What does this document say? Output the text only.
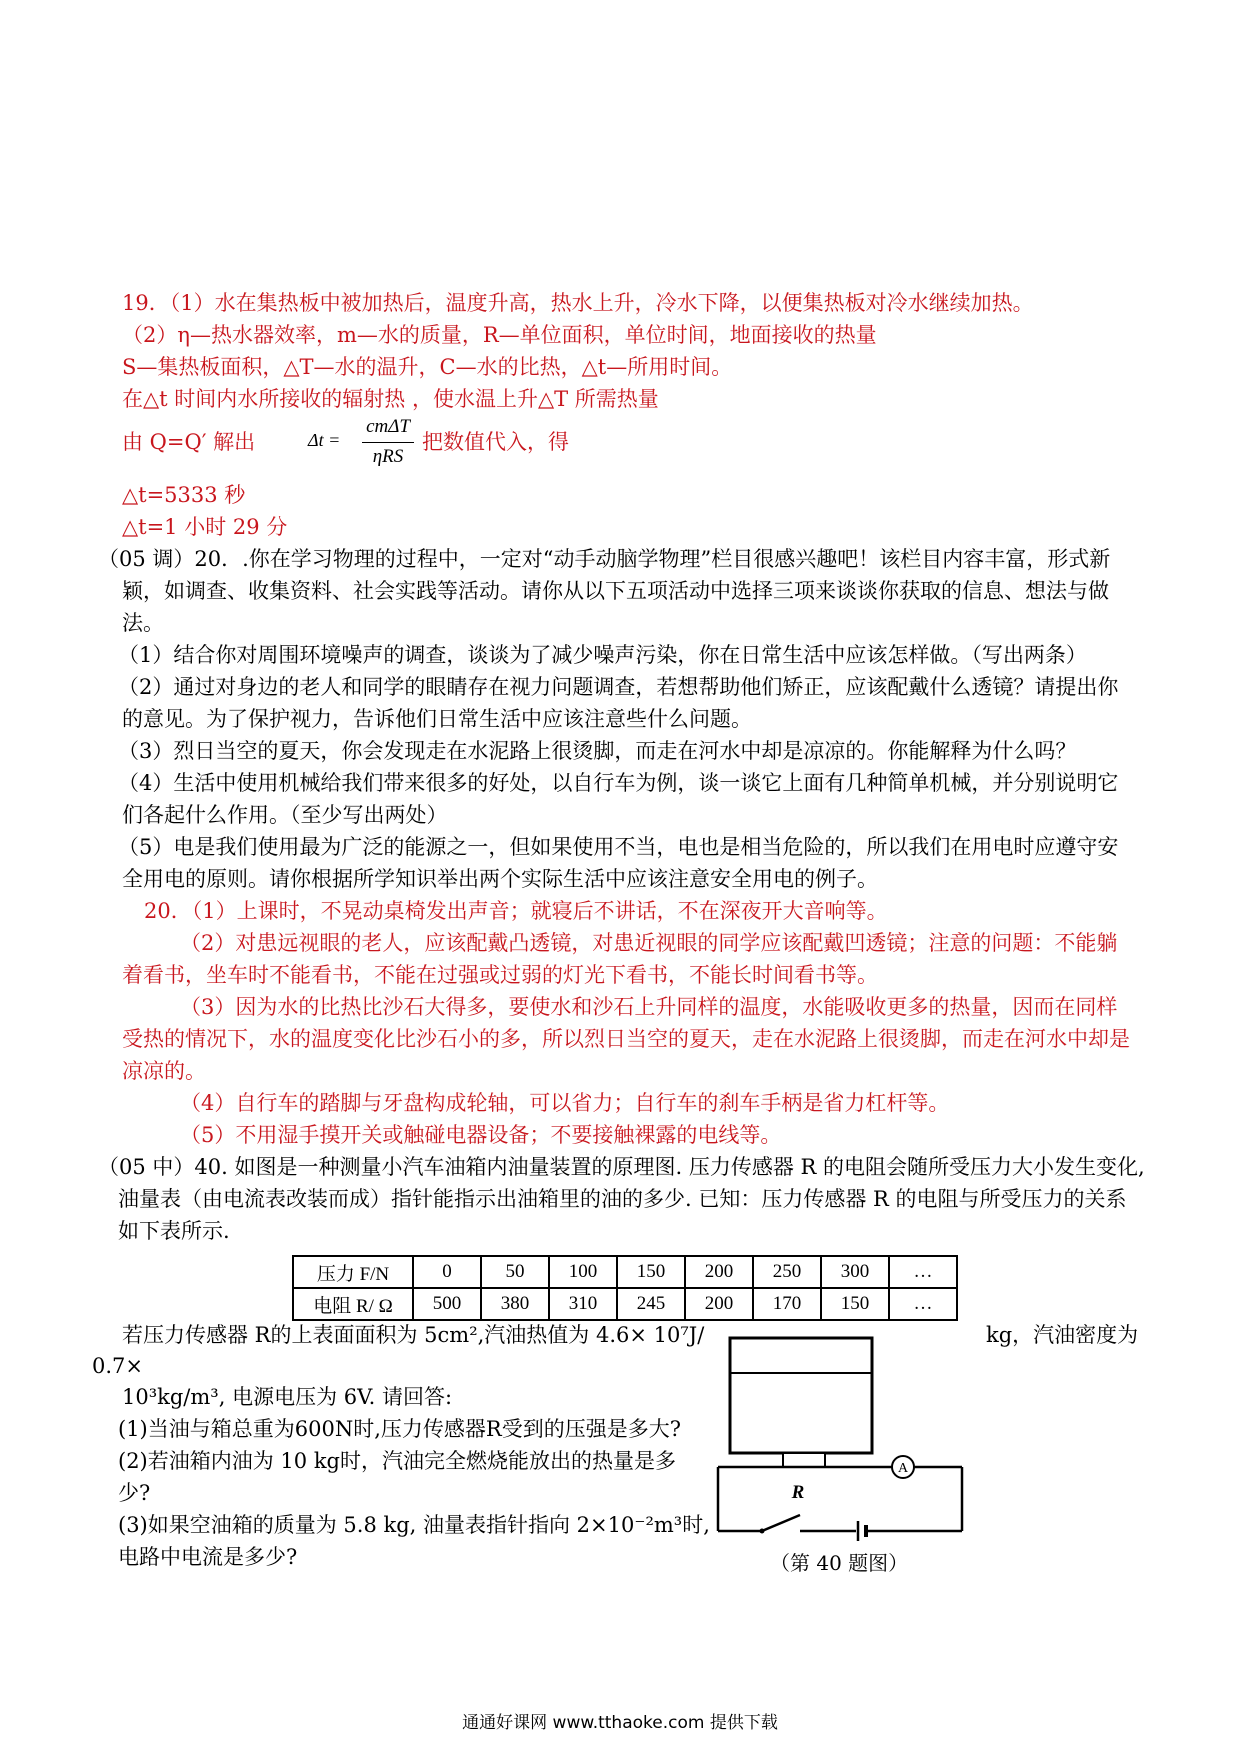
19．（1）水在集热板中被加热后，温度升高，热水上升，冷水下降，以便集热板对冷水继续加热。
（2）η—热水器效率，m—水的质量，R—单位面积，单位时间，地面接收的热量
S—集热板面积，△T—水的温升，C—水的比热，△t—所用时间。
在△t 时间内水所接收的辐射热 ，使水温上升△T 所需热量
由 Q=Q′ 解出	Δt =
cmΔT
ηRS
把数值代入，得
△t=5333 秒
△t=1 小时 29 分
（05 调）20．.你在学习物理的过程中，一定对“动手动脑学物理”栏目很感兴趣吧！该栏目内容丰富，形式新
颖，如调查、收集资料、社会实践等活动。请你从以下五项活动中选择三项来谈谈你获取的信息、想法与做
法。
（1）结合你对周围环境噪声的调查，谈谈为了减少噪声污染，你在日常生活中应该怎样做。（写出两条）
（2）通过对身边的老人和同学的眼睛存在视力问题调查，若想帮助他们矫正，应该配戴什么透镜？请提出你
的意见。为了保护视力，告诉他们日常生活中应该注意些什么问题。
（3）烈日当空的夏天，你会发现走在水泥路上很烫脚，而走在河水中却是凉凉的。你能解释为什么吗？
（4）生活中使用机械给我们带来很多的好处，以自行车为例，谈一谈它上面有几种简单机械，并分别说明它
们各起什么作用。（至少写出两处）
（5）电是我们使用最为广泛的能源之一，但如果使用不当，电也是相当危险的，所以我们在用电时应遵守安
全用电的原则。请你根据所学知识举出两个实际生活中应该注意安全用电的例子。
20．（1）上课时，不晃动桌椅发出声音；就寝后不讲话，不在深夜开大音响等。
（2）对患远视眼的老人，应该配戴凸透镜，对患近视眼的同学应该配戴凹透镜；注意的问题：不能躺
着看书，坐车时不能看书，不能在过强或过弱的灯光下看书，不能长时间看书等。
（3）因为水的比热比沙石大得多，要使水和沙石上升同样的温度，水能吸收更多的热量，因而在同样
受热的情况下，水的温度变化比沙石小的多，所以烈日当空的夏天，走在水泥路上很烫脚，而走在河水中却是
凉凉的。
（4）自行车的踏脚与牙盘构成轮轴，可以省力；自行车的刹车手柄是省力杠杆等。
（5）不用湿手摸开关或触碰电器设备；不要接触裸露的电线等。
（05 中）40. 如图是一种测量小汽车油箱内油量装置的原理图. 压力传感器 R 的电阻会随所受压力大小发生变化,
油量表（由电流表改装而成）指针能指示出油箱里的油的多少. 已知：压力传感器 R 的电阻与所受压力的关系
如下表所示.
压力 F/N	0	50	100	150	200	250	300	…
电阻 R/ Ω	500	380	310	245	200	170	150	…
若压力传感器 R的上表面面积为 5cm²,汽油热值为 4.6× 10⁷J/	kg，汽油密度为
0.7×
10³kg/m³, 电源电压为 6V. 请回答:
(1)当油与箱总重为600N时,压力传感器R受到的压强是多大?
(2)若油箱内油为 10 kg时，汽油完全燃烧能放出的热量是多
少?
(3)如果空油箱的质量为 5.8 kg, 油量表指针指向 2×10⁻²m³时,
电路中电流是多少?
A
R
（第 40 题图）
通通好课网 www.tthaoke.com 提供下载
